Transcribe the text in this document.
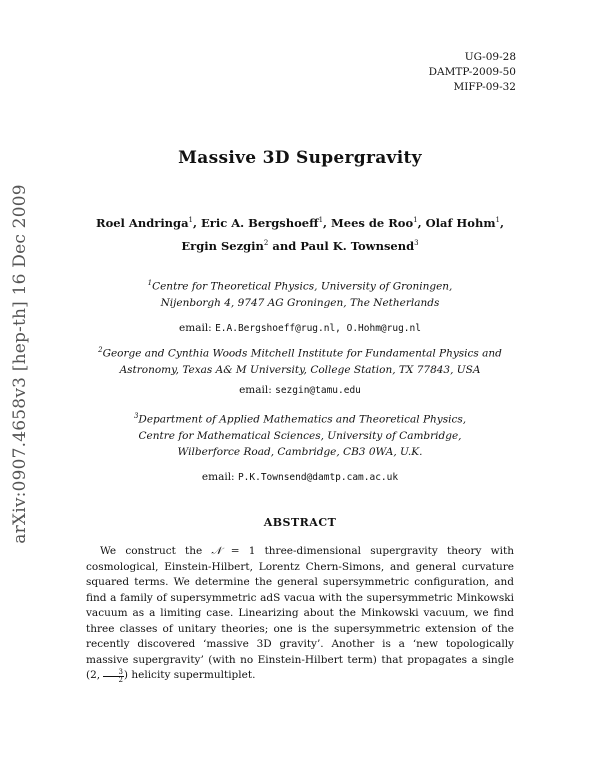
arXiv:0907.4658v3 [hep-th] 16 Dec 2009
UG-09-28
DAMTP-2009-50
MIFP-09-32
Massive 3D Supergravity
Roel Andringa$^1$, Eric A. Bergshoeff$^1$, Mees de Roo$^1$, Olaf Hohm$^1$,
Ergin Sezgin$^2$ and Paul K. Townsend$^3$
$^1$Centre for Theoretical Physics, University of Groningen,
Nijenborgh 4, 9747 AG Groningen, The Netherlands
email: E.A.Bergshoeff@rug.nl, O.Hohm@rug.nl
$^2$George and Cynthia Woods Mitchell Institute for Fundamental Physics and
Astronomy, Texas A& M University, College Station, TX 77843, USA
email: sezgin@tamu.edu
$^3$Department of Applied Mathematics and Theoretical Physics,
Centre for Mathematical Sciences, University of Cambridge,
Wilberforce Road, Cambridge, CB3 0WA, U.K.
email: P.K.Townsend@damtp.cam.ac.uk
ABSTRACT
We construct the 𝒩 = 1 three-dimensional supergravity theory with cosmological, Einstein-Hilbert, Lorentz Chern-Simons, and general curvature squared terms. We determine the general supersymmetric configuration, and find a family of supersymmetric adS vacua with the supersymmetric Minkowski vacuum as a limiting case. Linearizing about the Minkowski vacuum, we find three classes of unitary theories; one is the supersymmetric extension of the recently discovered ‘massive 3D gravity’. Another is a ‘new topologically massive supergravity’ (with no Einstein-Hilbert term) that propagates a single (2, $\frac{3}{2}$ ) helicity supermultiplet.
